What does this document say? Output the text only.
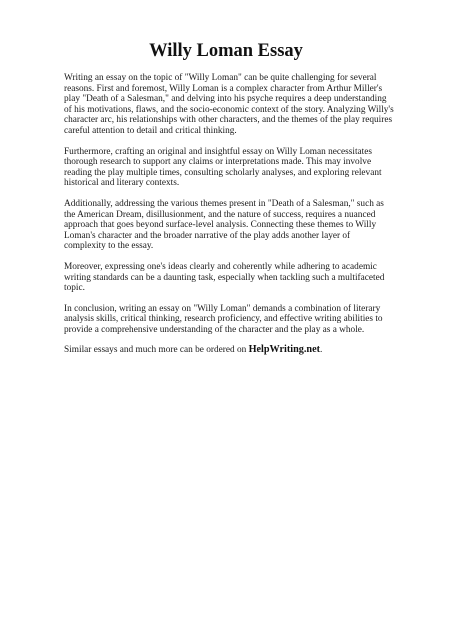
Willy Loman Essay

Writing an essay on the topic of "Willy Loman" can be quite challenging for several reasons. First and foremost, Willy Loman is a complex character from Arthur Miller's play "Death of a Salesman," and delving into his psyche requires a deep understanding of his motivations, flaws, and the socio-economic context of the story. Analyzing Willy's character arc, his relationships with other characters, and the themes of the play requires careful attention to detail and critical thinking.

Furthermore, crafting an original and insightful essay on Willy Loman necessitates thorough research to support any claims or interpretations made. This may involve reading the play multiple times, consulting scholarly analyses, and exploring relevant historical and literary contexts.

Additionally, addressing the various themes present in "Death of a Salesman," such as the American Dream, disillusionment, and the nature of success, requires a nuanced approach that goes beyond surface-level analysis. Connecting these themes to Willy Loman's character and the broader narrative of the play adds another layer of complexity to the essay.

Moreover, expressing one's ideas clearly and coherently while adhering to academic writing standards can be a daunting task, especially when tackling such a multifaceted topic.

In conclusion, writing an essay on "Willy Loman" demands a combination of literary analysis skills, critical thinking, research proficiency, and effective writing abilities to provide a comprehensive understanding of the character and the play as a whole.

Similar essays and much more can be ordered on HelpWriting.net.
